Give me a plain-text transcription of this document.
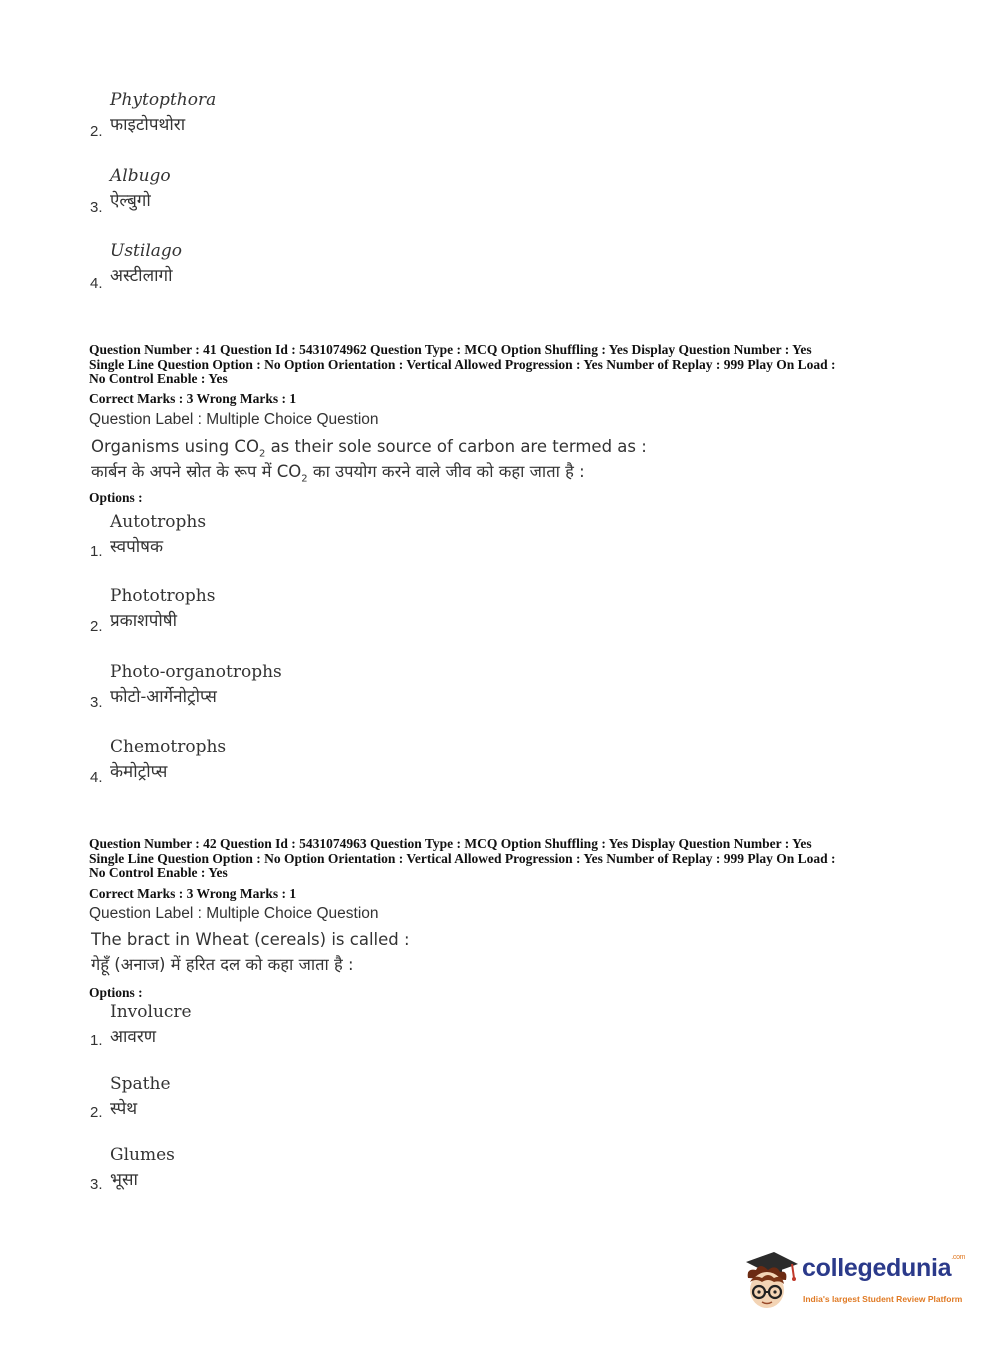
Phytopthora
फाइटोपथोरा
2.
Albugo
ऐल्बुगो
3.
Ustilago
अस्टीलागो
4.
Question Number : 41 Question Id : 5431074962 Question Type : MCQ Option Shuffling : Yes Display Question Number : Yes
Single Line Question Option : No Option Orientation : Vertical Allowed Progression : Yes Number of Replay : 999 Play On Load :
No Control Enable : Yes
Correct Marks : 3 Wrong Marks : 1
Question Label : Multiple Choice Question
Organisms using $CO_2$ as their sole source of carbon are termed as :
कार्बन के अपने स्रोत के रूप में $CO_2$ का उपयोग करने वाले जीव को कहा जाता है :
Options :
Autotrophs
स्वपोषक
1.
Phototrophs
प्रकाशपोषी
2.
Photo-organotrophs
फोटो-आर्गेनोट्रोप्स
3.
Chemotrophs
केमोट्रोप्स
4.
Question Number : 42 Question Id : 5431074963 Question Type : MCQ Option Shuffling : Yes Display Question Number : Yes
Single Line Question Option : No Option Orientation : Vertical Allowed Progression : Yes Number of Replay : 999 Play On Load :
No Control Enable : Yes
Correct Marks : 3 Wrong Marks : 1
Question Label : Multiple Choice Question
The bract in Wheat (cereals) is called :
गेहूँ (अनाज) में हरित दल को कहा जाता है :
Options :
Involucre
आवरण
1.
Spathe
स्पेथ
2.
Glumes
भूसा
3.
collegedunia$^{.com}$
India's largest Student Review Platform
